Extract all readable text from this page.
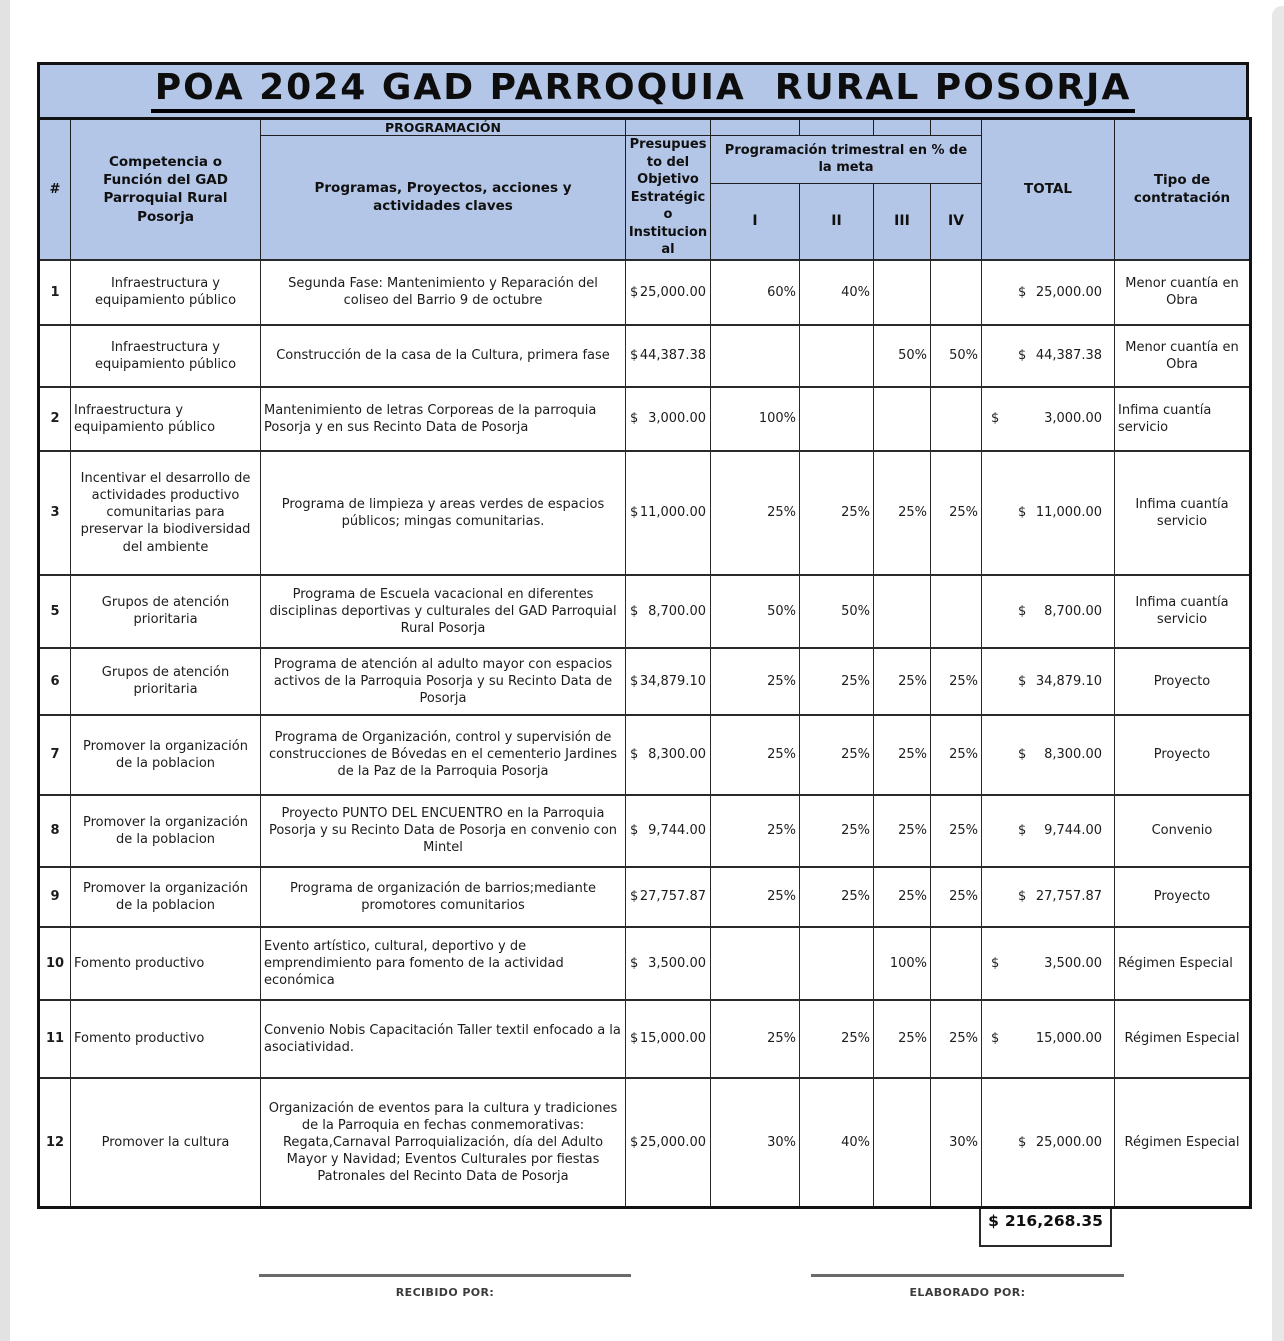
POA 2024 GAD PARROQUIA  RURAL POSORJA
#	Competencia o Función del GAD Parroquial Rural Posorja	PROGRAMACIÓN						TOTAL	Tipo de contratación
		Programas, Proyectos, acciones y actividades claves	Presupuesto del Objetivo Estratégico Institucional	Programación trimestral en % de la meta					
				I	II	III	IV		
1	Infraestructura y equipamiento público	Segunda Fase: Mantenimiento y Reparación del coliseo del Barrio 9 de octubre	$ 25,000.00	60%	40%			$ 25,000.00	Menor cuantía en Obra
	Infraestructura y equipamiento público	Construcción de la casa de la Cultura, primera fase	$ 44,387.38			50%	50%	$ 44,387.38	Menor cuantía en Obra
2	Infraestructura y equipamiento público	Mantenimiento de letras Corporeas de la parroquia Posorja y en sus Recinto Data de Posorja	$ 3,000.00	100%				$ 3,000.00	Infima cuantía servicio
3	Incentivar el desarrollo de actividades productivo comunitarias para preservar la biodiversidad del ambiente	Programa de limpieza y areas verdes de espacios públicos; mingas comunitarias.	$ 11,000.00	25%	25%	25%	25%	$ 11,000.00	Infima cuantía servicio
5	Grupos de atención prioritaria	Programa de Escuela vacacional en diferentes disciplinas deportivas y culturales del GAD Parroquial Rural Posorja	$ 8,700.00	50%	50%			$ 8,700.00	Infima cuantía servicio
6	Grupos de atención prioritaria	Programa de atención al adulto mayor con espacios activos de la Parroquia Posorja y su Recinto Data de Posorja	$ 34,879.10	25%	25%	25%	25%	$ 34,879.10	Proyecto
7	Promover la organización de la poblacion	Programa de Organización, control y supervisión de construcciones de Bóvedas en el cementerio Jardines de la Paz de la Parroquia Posorja	$ 8,300.00	25%	25%	25%	25%	$ 8,300.00	Proyecto
8	Promover la organización de la poblacion	Proyecto PUNTO DEL ENCUENTRO en la Parroquia Posorja y su Recinto Data de Posorja en convenio con Mintel	$ 9,744.00	25%	25%	25%	25%	$ 9,744.00	Convenio
9	Promover la organización de la poblacion	Programa de organización de barrios;mediante promotores comunitarios	$ 27,757.87	25%	25%	25%	25%	$ 27,757.87	Proyecto
10	Fomento productivo	Evento artístico, cultural, deportivo y de emprendimiento para fomento de la actividad económica	$ 3,500.00			100%		$ 3,500.00	Régimen Especial
11	Fomento productivo	Convenio Nobis Capacitación Taller textil enfocado a la asociatividad.	$ 15,000.00	25%	25%	25%	25%	$ 15,000.00	Régimen Especial
12	Promover la cultura	Organización de eventos para la cultura y tradiciones de la Parroquia en fechas conmemorativas: Regata,Carnaval Parroquialización, día del Adulto Mayor y Navidad; Eventos Culturales por fiestas Patronales del Recinto Data de Posorja	$ 25,000.00	30%	40%		30%	$ 25,000.00	Régimen Especial
$ 216,268.35
RECIBIDO POR:	ELABORADO POR:
